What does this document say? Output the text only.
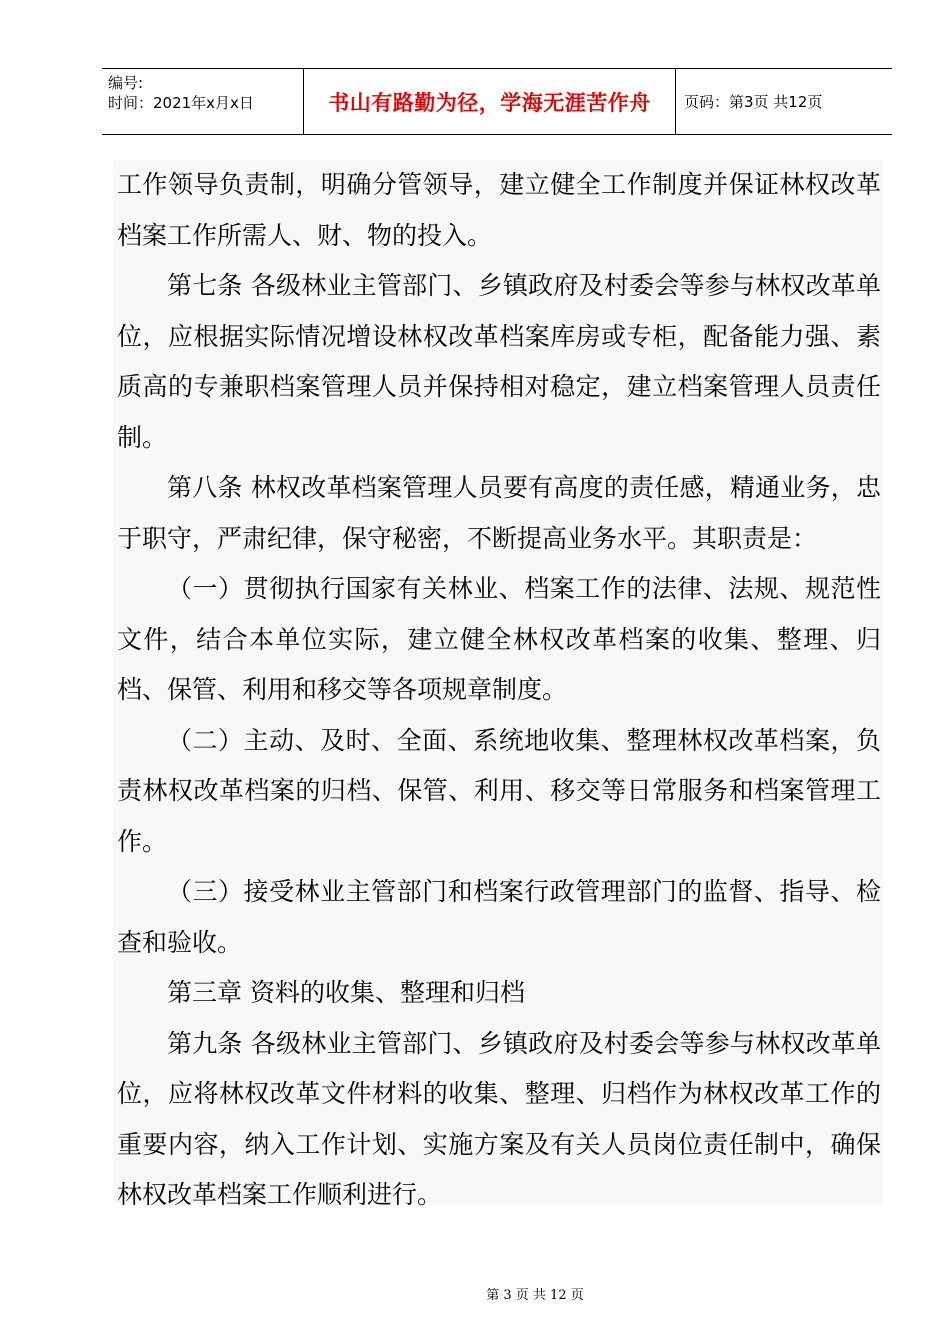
编号:
时间：2021年x月x日	书山有路勤为径，学海无涯苦作舟	页码：第3页 共12页

工作领导负责制，明确分管领导，建立健全工作制度并保证林权改革档案工作所需人、财、物的投入。

第七条 各级林业主管部门、乡镇政府及村委会等参与林权改革单位，应根据实际情况增设林权改革档案库房或专柜，配备能力强、素质高的专兼职档案管理人员并保持相对稳定，建立档案管理人员责任制。

第八条 林权改革档案管理人员要有高度的责任感，精通业务，忠于职守，严肃纪律，保守秘密，不断提高业务水平。其职责是：

（一）贯彻执行国家有关林业、档案工作的法律、法规、规范性文件，结合本单位实际，建立健全林权改革档案的收集、整理、归档、保管、利用和移交等各项规章制度。

（二）主动、及时、全面、系统地收集、整理林权改革档案，负责林权改革档案的归档、保管、利用、移交等日常服务和档案管理工作。

（三）接受林业主管部门和档案行政管理部门的监督、指导、检查和验收。

第三章 资料的收集、整理和归档

第九条 各级林业主管部门、乡镇政府及村委会等参与林权改革单位，应将林权改革文件材料的收集、整理、归档作为林权改革工作的重要内容，纳入工作计划、实施方案及有关人员岗位责任制中，确保林权改革档案工作顺利进行。

第 3 页 共 12 页
